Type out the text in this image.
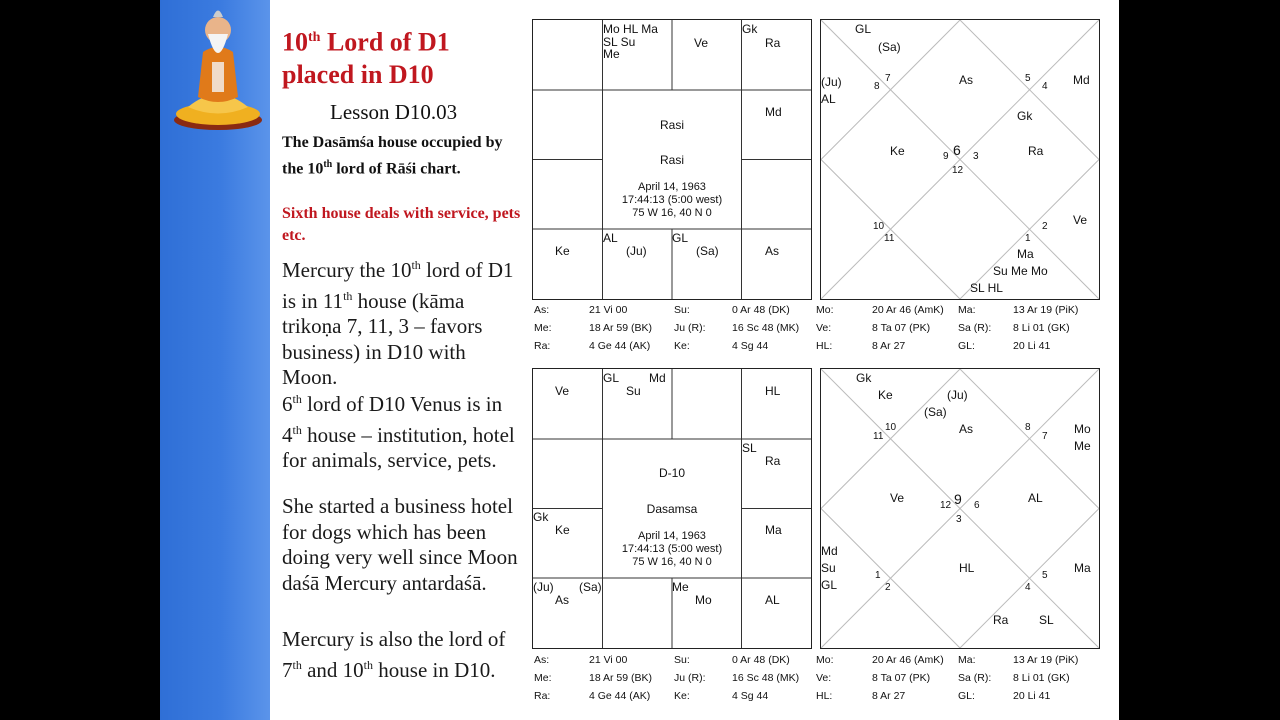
10th Lord of D1
placed in D10
Lesson D10.03
The Dasāmśa house occupied by the 10th lord of Rāśi chart.
Sixth house deals with service, pets etc.
Mercury the 10th lord of D1 is in 11th house (kāma trikoṇa 7, 11, 3 – favors business) in D10 with Moon.
6th lord of D10 Venus is in 4th house – institution, hotel for animals, service, pets.
She started a business hotel for dogs which has been doing very well since Moon daśā Mercury antardaśā.
Mercury is also the lord of 7th and 10th house in D10.
Mo HL Ma
SL Su
Me
Ve
Gk
Ra
Md
Ke
AL
(Ju)
GL
(Sa)	As
Rasi
Rasi
April 14, 1963
17:44:13 (5:00 west)
75 W 16, 40 N 0
GL
(Sa)
(Ju)
AL
As
Gk
Md
Ke	Ra
Ve
Ma
Su Me Mo
SL HL
8
7	5
4
9 6 3
12
10
11
2
1
As:	21 Vi 00	Su:	0 Ar 48 (DK) Mo:	20 Ar 46 (AmK) Ma:	13 Ar 19 (PiK)
Me:	18 Ar 59 (BK) Ju (R):	16 Sc 48 (MK) Ve:	8 Ta 07 (PK)	Sa (R): 8 Li 01 (GK)
Ra:	4 Ge 44 (AK) Ke:	4 Sg 44	HL:	8 Ar 27	GL:	20 Li 41
Ve
GL Md
Su	HL
SL
Ra
Ma
Gk
Ke
(Ju) (Sa)
As
Me
Mo	AL
D-10
Dasamsa
April 14, 1963
17:44:13 (5:00 west)
75 W 16, 40 N 0
Gk
Ke	(Ju)
(Sa)
As	Mo
Me
Ve	AL
Md
Su
GL
HL	Ma
Ra	SL
11
10	8
7
12 9 6
3
1
2	4
5
As:	21 Vi 00	Su:	0 Ar 48 (DK) Mo:	20 Ar 46 (AmK) Ma:	13 Ar 19 (PiK)
Me:	18 Ar 59 (BK) Ju (R):	16 Sc 48 (MK) Ve:	8 Ta 07 (PK)	Sa (R): 8 Li 01 (GK)
Ra:	4 Ge 44 (AK) Ke:	4 Sg 44	HL:	8 Ar 27	GL:	20 Li 41
